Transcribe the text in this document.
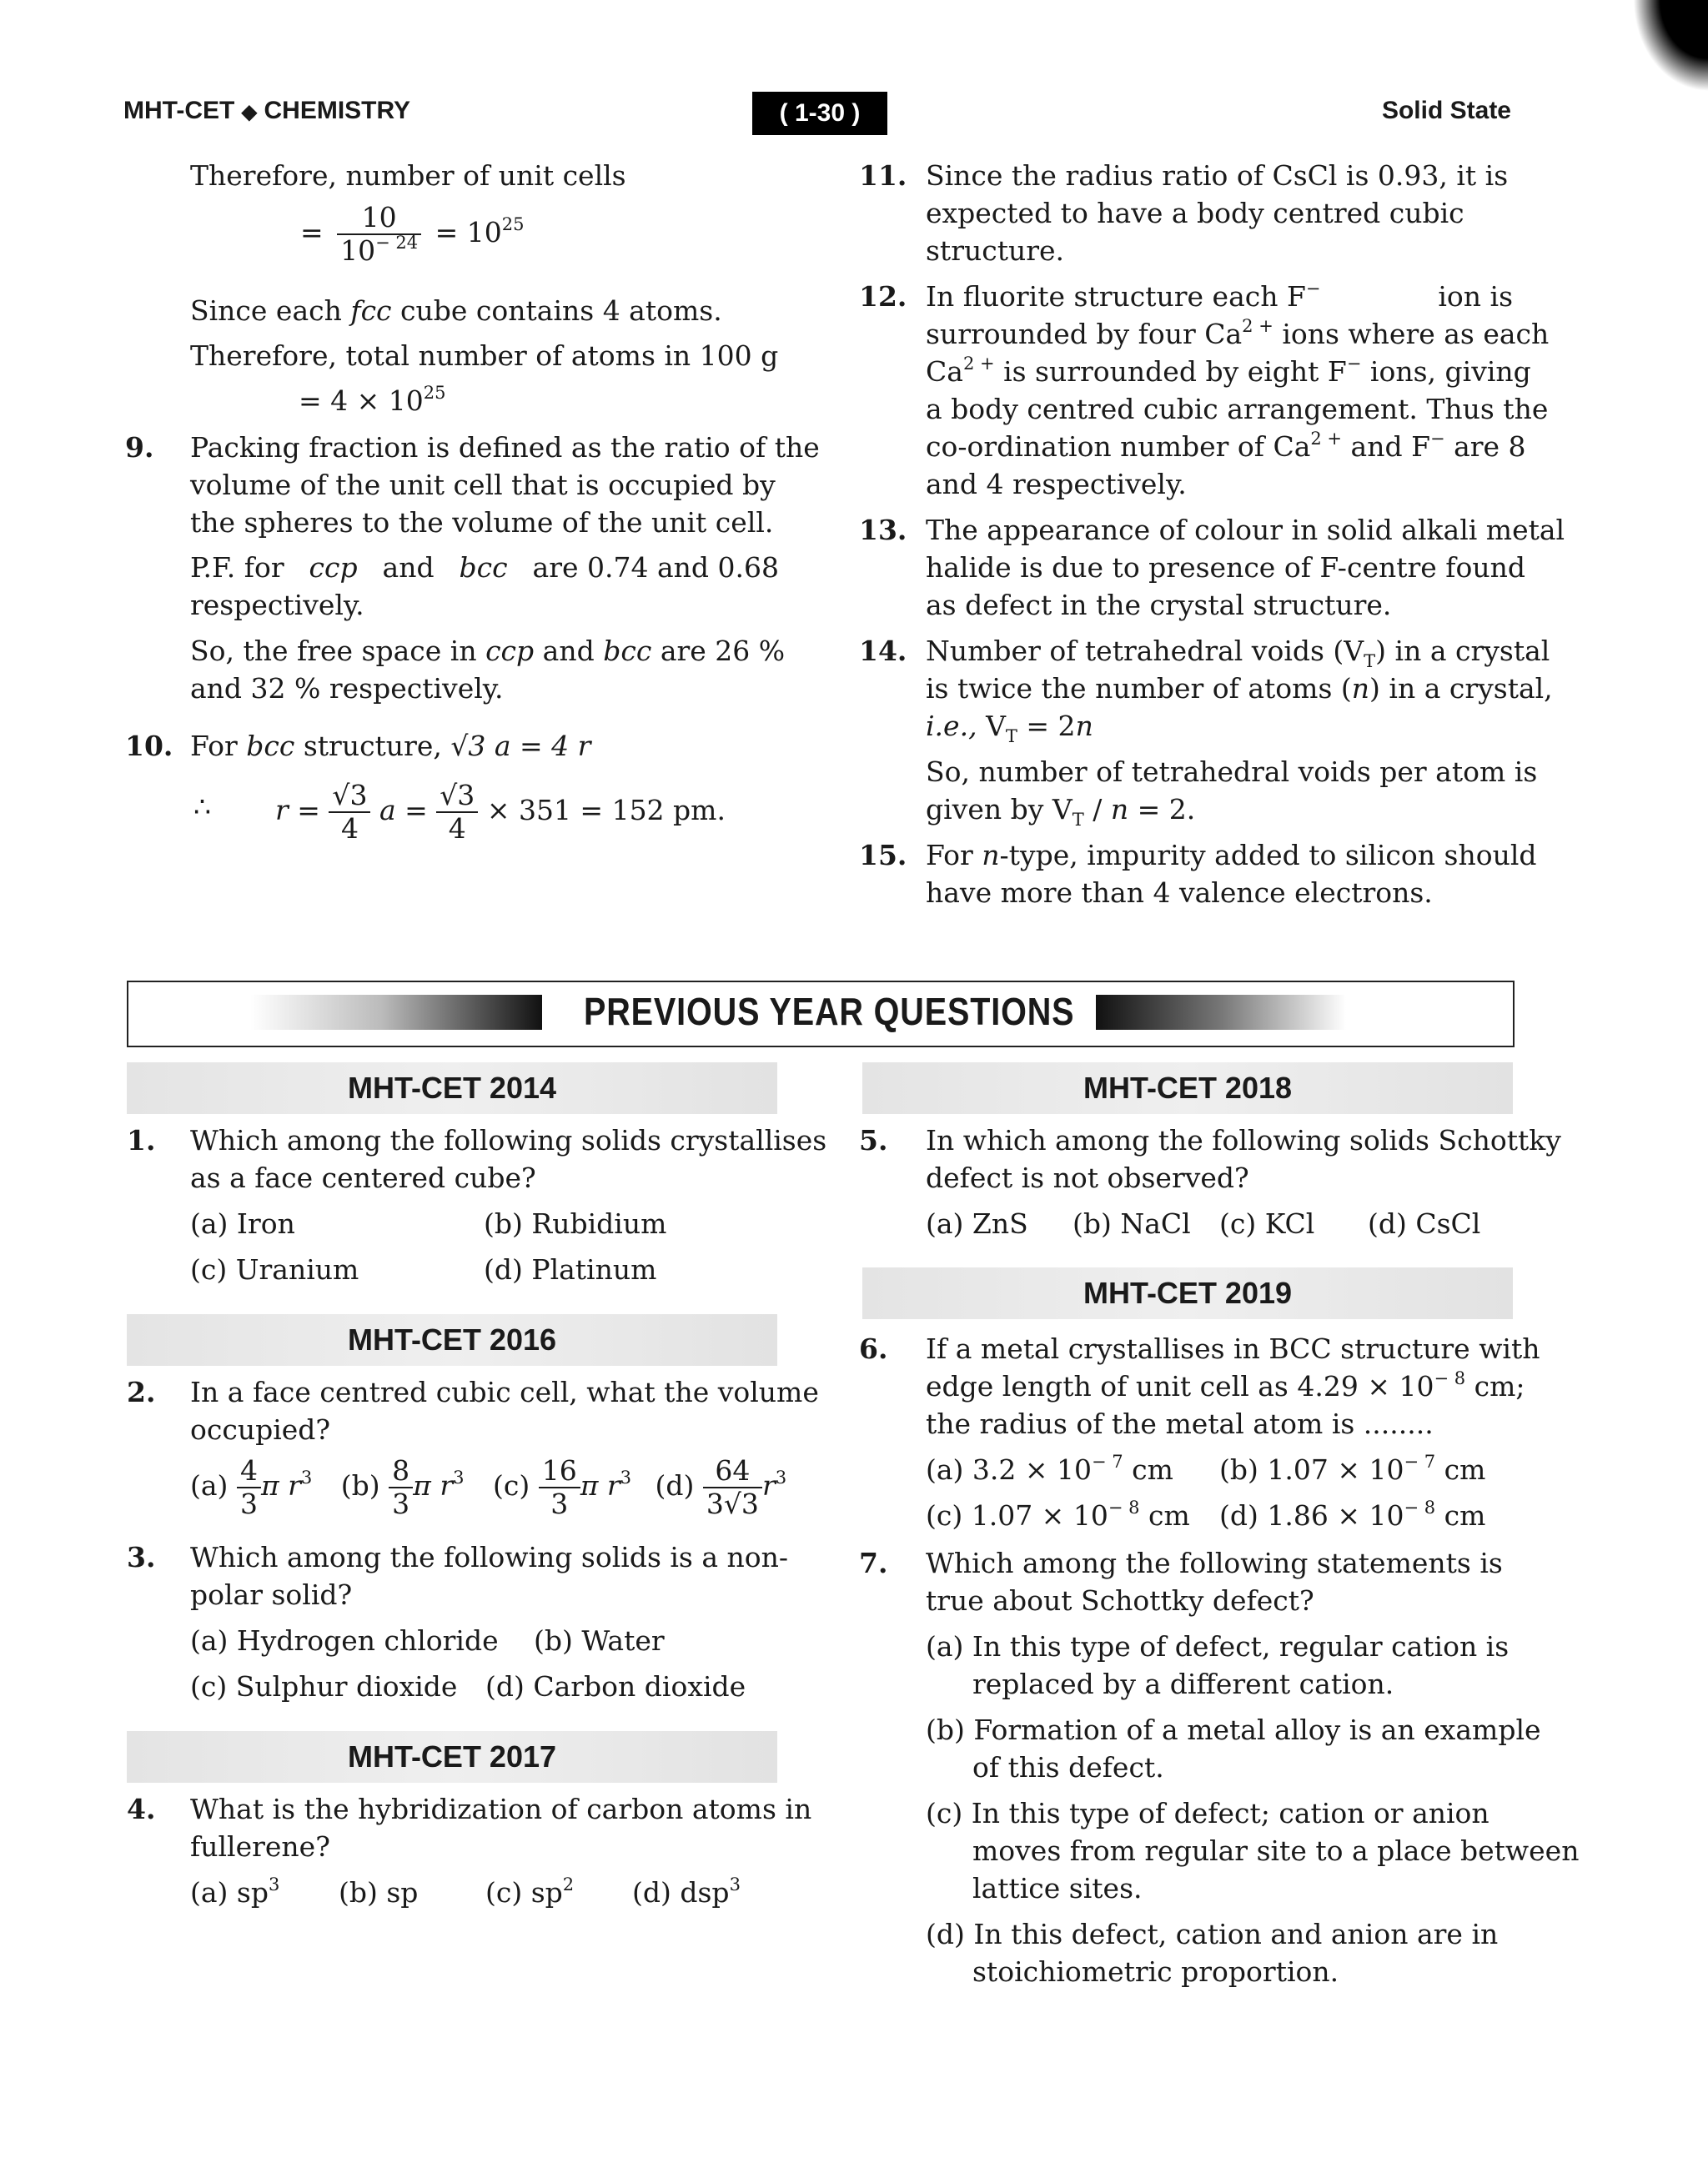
MHT-CET ◆ CHEMISTRY	( 1-30 )	Solid State
Therefore, number of unit cells
= $\frac{10}{10^{- 24}} = 10^{25}$
Since each fcc cube contains 4 atoms.
Therefore, total number of atoms in 100 g
= $4 \times 10^{25}$
9. Packing fraction is defined as the ratio of the
volume of the unit cell that is occupied by
the spheres to the volume of the unit cell.
P.F. for ccp and bcc are 0.74 and 0.68
respectively.
So, the free space in ccp and bcc are 26 %
and 32 % respectively.
10. For bcc structure, √3 a = 4 r
∴ $r = \frac{√3}{4}$ $a = \frac{√3}{4} \times 351 = 152$ pm.
11. Since the radius ratio of CsCl is 0.93, it is
expected to have a body centred cubic
structure.
12. In fluorite structure each F−	ion is
surrounded by four $Ca^{2 +}$ ions where as each
$Ca^{2 +}$ is surrounded by eight F− ions, giving
a body centred cubic arrangement. Thus the
co-ordination number of $Ca^{2 +}$ and F− are 8
and 4 respectively.
13. The appearance of colour in solid alkali metal
halide is due to presence of F-centre found
as defect in the crystal structure.
14. Number of tetrahedral voids $(V_T)$ in a crystal
is twice the number of atoms (n) in a crystal,
i.e., $V_T = 2n$
So, number of tetrahedral voids per atom is
given by $V_T / n = 2$.
15. For n-type, impurity added to silicon should
have more than 4 valence electrons.
PREVIOUS YEAR QUESTIONS
MHT-CET 2014
1. Which among the following solids crystallises
as a face centered cube?
(a) Iron	(b) Rubidium
(c) Uranium	(d) Platinum
MHT-CET 2016
2. In a face centred cubic cell, what the volume
occupied?
$(a) \frac{4}{3}$ π $r^3$ $(b) \frac{8}{3}$ π $r^3$ $(c) \frac{16}{3}$ π $r^3$ $(d) \frac{64}{3√3} r^3$
3. Which among the following solids is a non-
polar solid?
(a) Hydrogen chloride (b) Water
(c) Sulphur dioxide (d) Carbon dioxide
MHT-CET 2017
4. What is the hybridization of carbon atoms in
fullerene?
(a) $sp^3$ (b) sp (c) $sp^2$ (d) dsp$^3$
MHT-CET 2018
5. In which among the following solids Schottky
defect is not observed?
(a) ZnS (b) NaCl (c) KCl (d) CsCl
MHT-CET 2019
6. If a metal crystallises in BCC structure with
edge length of unit cell as $4.29 \times 10^{- 8}$ cm;
the radius of the metal atom is ........
(a) $3.2 \times 10^{- 7}$ cm (b) $1.07 \times 10^{- 7}$ cm
(c) $1.07 \times 10^{- 8}$ cm (d) $1.86 \times 10^{- 8}$ cm
7. Which among the following statements is
true about Schottky defect?
(a) In this type of defect, regular cation is
replaced by a different cation.
(b) Formation of a metal alloy is an example
of this defect.
(c) In this type of defect; cation or anion
moves from regular site to a place between
lattice sites.
(d) In this defect, cation and anion are in
stoichiometric proportion.
